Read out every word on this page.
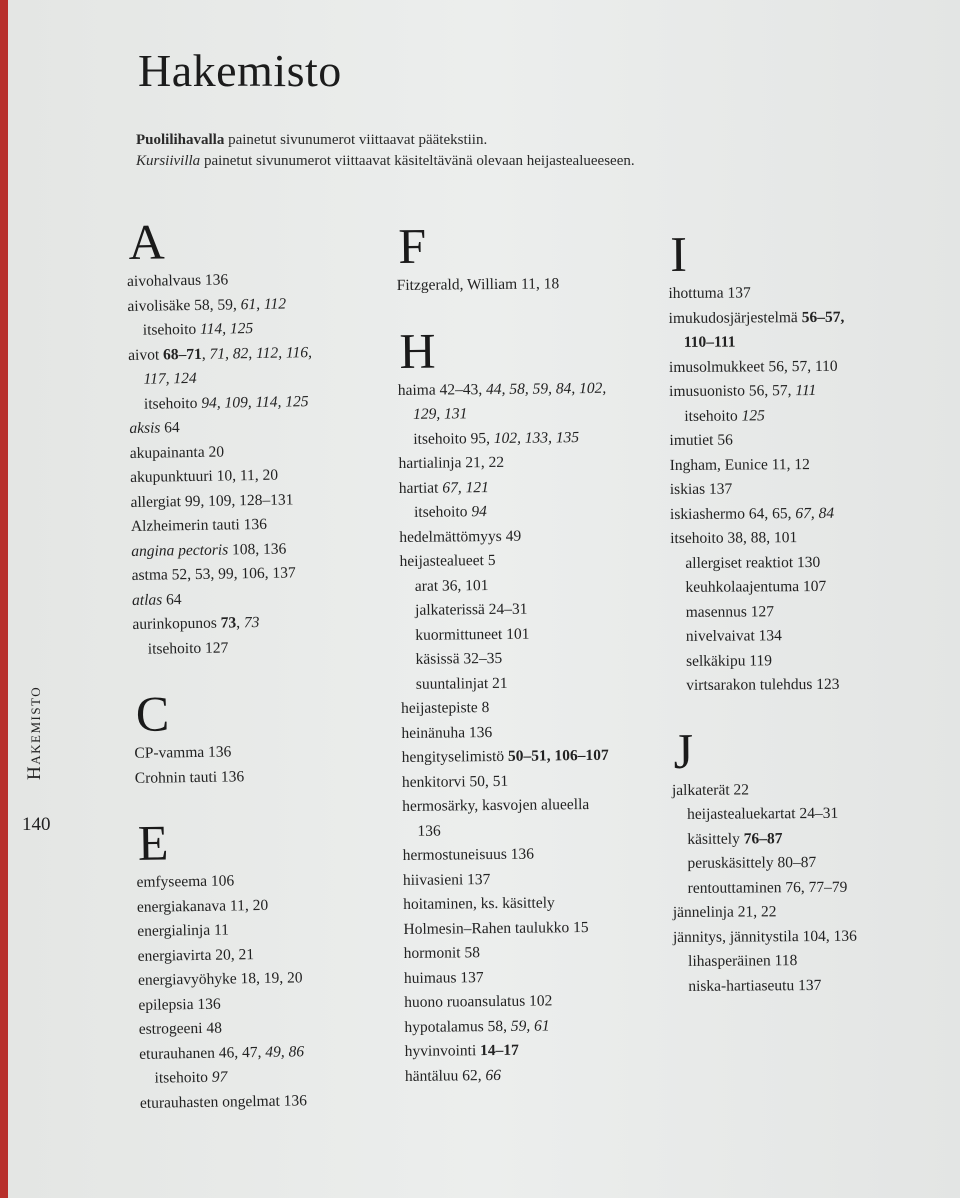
Hakemisto
Puolilihavalla painetut sivunumerot viittaavat päätekstiin.
Kursiivilla painetut sivunumerot viittaavat käsiteltävänä olevaan heijastealueeseen.
Hakemisto
140
A
aivohalvaus 136
aivolisäke 58, 59, 61, 112
itsehoito 114, 125
aivot 68–71, 71, 82, 112, 116,
117, 124
itsehoito 94, 109, 114, 125
aksis 64
akupainanta 20
akupunktuuri 10, 11, 20
allergiat 99, 109, 128–131
Alzheimerin tauti 136
angina pectoris 108, 136
astma 52, 53, 99, 106, 137
atlas 64
aurinkopunos 73, 73
itsehoito 127
C
CP-vamma 136
Crohnin tauti 136
E
emfyseema 106
energiakanava 11, 20
energialinja 11
energiavirta 20, 21
energiavyöhyke 18, 19, 20
epilepsia 136
estrogeeni 48
eturauhanen 46, 47, 49, 86
itsehoito 97
eturauhasten ongelmat 136
F
Fitzgerald, William 11, 18
H
haima 42–43, 44, 58, 59, 84, 102,
129, 131
itsehoito 95, 102, 133, 135
hartialinja 21, 22
hartiat 67, 121
itsehoito 94
hedelmättömyys 49
heijastealueet 5
arat 36, 101
jalkaterissä 24–31
kuormittuneet 101
käsissä 32–35
suuntalinjat 21
heijastepiste 8
heinänuha 136
hengityselimistö 50–51, 106–107
henkitorvi 50, 51
hermosärky, kasvojen alueella
136
hermostuneisuus 136
hiivasieni 137
hoitaminen, ks. käsittely
Holmesin–Rahen taulukko 15
hormonit 58
huimaus 137
huono ruoansulatus 102
hypotalamus 58, 59, 61
hyvinvointi 14–17
häntäluu 62, 66
I
ihottuma 137
imukudosjärjestelmä 56–57,
110–111
imusolmukkeet 56, 57, 110
imusuonisto 56, 57, 111
itsehoito 125
imutiet 56
Ingham, Eunice 11, 12
iskias 137
iskiashermo 64, 65, 67, 84
itsehoito 38, 88, 101
allergiset reaktiot 130
keuhkolaajentuma 107
masennus 127
nivelvaivat 134
selkäkipu 119
virtsarakon tulehdus 123
J
jalkaterät 22
heijastealuekartat 24–31
käsittely 76–87
peruskäsittely 80–87
rentouttaminen 76, 77–79
jännelinja 21, 22
jännitys, jännitystila 104, 136
lihasperäinen 118
niska-hartiaseutu 137
